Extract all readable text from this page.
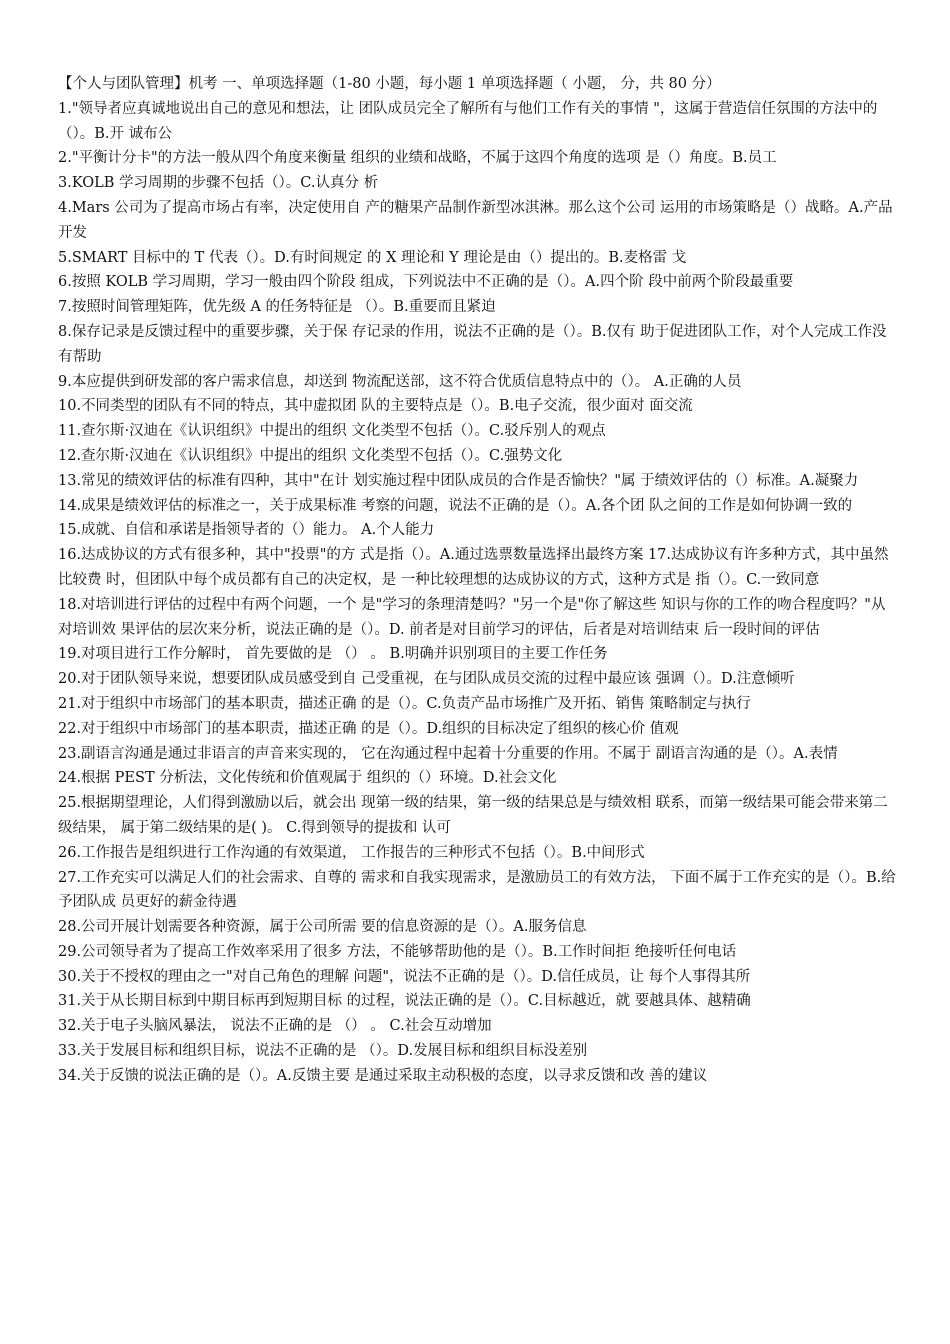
【个人与团队管理】机考 一、单项选择题（1-80 小题，每小题 1 单项选择题（ 小题， 分，共 80 分）

1."领导者应真诚地说出自己的意见和想法，让 团队成员完全了解所有与他们工作有关的事情 "，这属于营造信任氛围的方法中的（）。B.开 诚布公

2."平衡计分卡"的方法一般从四个角度来衡量 组织的业绩和战略，不属于这四个角度的选项 是（）角度。B.员工

3.KOLB 学习周期的步骤不包括（）。C.认真分 析

4.Mars 公司为了提高市场占有率，决定使用自 产的糖果产品制作新型冰淇淋。那么这个公司 运用的市场策略是（）战略。A.产品开发

5.SMART 目标中的 T 代表（）。D.有时间规定 的 X 理论和 Y 理论是由（）提出的。B.麦格雷 戈

6.按照 KOLB 学习周期，学习一般由四个阶段 组成，下列说法中不正确的是（）。A.四个阶 段中前两个阶段最重要

7.按照时间管理矩阵，优先级 A 的任务特征是 （）。B.重要而且紧迫

8.保存记录是反馈过程中的重要步骤，关于保 存记录的作用，说法不正确的是（）。B.仅有 助于促进团队工作，对个人完成工作没有帮助

9.本应提供到研发部的客户需求信息，却送到 物流配送部，这不符合优质信息特点中的（）。 A.正确的人员

10.不同类型的团队有不同的特点，其中虚拟团 队的主要特点是（）。B.电子交流，很少面对 面交流

11.查尔斯·汉迪在《认识组织》中提出的组织 文化类型不包括（）。C.驳斥别人的观点

12.查尔斯·汉迪在《认识组织》中提出的组织 文化类型不包括（）。C.强势文化

13.常见的绩效评估的标准有四种，其中"在计 划实施过程中团队成员的合作是否愉快？"属 于绩效评估的（）标准。A.凝聚力

14.成果是绩效评估的标准之一，关于成果标准 考察的问题，说法不正确的是（）。A.各个团 队之间的工作是如何协调一致的

15.成就、自信和承诺是指领导者的（）能力。 A.个人能力

16.达成协议的方式有很多种，其中"投票"的方 式是指（）。A.通过选票数量选择出最终方案 17.达成协议有许多种方式，其中虽然比较费 时，但团队中每个成员都有自己的决定权，是 一种比较理想的达成协议的方式，这种方式是 指（）。C.一致同意

18.对培训进行评估的过程中有两个问题，一个 是"学习的条理清楚吗？"另一个是"你了解这些 知识与你的工作的吻合程度吗？"从对培训效 果评估的层次来分析，说法正确的是（）。D. 前者是对目前学习的评估，后者是对培训结束 后一段时间的评估

19.对项目进行工作分解时， 首先要做的是 （） 。 B.明确并识别项目的主要工作任务

20.对于团队领导来说，想要团队成员感受到自 己受重视，在与团队成员交流的过程中最应该 强调（）。D.注意倾听

21.对于组织中市场部门的基本职责，描述正确 的是（）。C.负责产品市场推广及开拓、销售 策略制定与执行

22.对于组织中市场部门的基本职责，描述正确 的是（）。D.组织的目标决定了组织的核心价 值观

23.副语言沟通是通过非语言的声音来实现的， 它在沟通过程中起着十分重要的作用。不属于 副语言沟通的是（）。A.表情

24.根据 PEST 分析法，文化传统和价值观属于 组织的（）环境。D.社会文化

25.根据期望理论，人们得到激励以后，就会出 现第一级的结果，第一级的结果总是与绩效相 联系，而第一级结果可能会带来第二级结果， 属于第二级结果的是( )。 C.得到领导的提拔和 认可

26.工作报告是组织进行工作沟通的有效渠道， 工作报告的三种形式不包括（）。B.中间形式

27.工作充实可以满足人们的社会需求、自尊的 需求和自我实现需求，是激励员工的有效方法， 下面不属于工作充实的是（）。B.给予团队成 员更好的薪金待遇

28.公司开展计划需要各种资源，属于公司所需 要的信息资源的是（）。A.服务信息

29.公司领导者为了提高工作效率采用了很多 方法，不能够帮助他的是（）。B.工作时间拒 绝接听任何电话

30.关于不授权的理由之一"对自己角色的理解 问题"，说法不正确的是（）。D.信任成员，让 每个人事得其所

31.关于从长期目标到中期目标再到短期目标 的过程，说法正确的是（）。C.目标越近，就 要越具体、越精确

32.关于电子头脑风暴法， 说法不正确的是 （） 。 C.社会互动增加

33.关于发展目标和组织目标，说法不正确的是 （）。D.发展目标和组织目标没差别

34.关于反馈的说法正确的是（）。A.反馈主要 是通过采取主动积极的态度，以寻求反馈和改 善的建议
